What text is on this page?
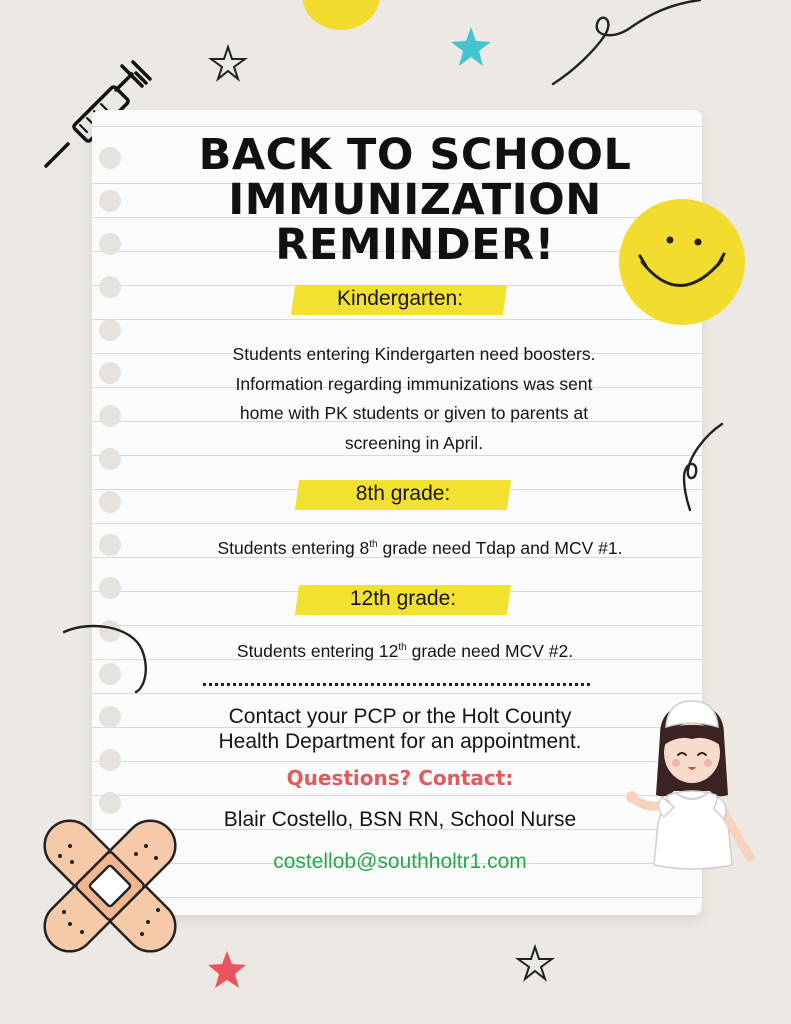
BACK TO SCHOOL
IMMUNIZATION
REMINDER!

Kindergarten:

Students entering Kindergarten need boosters.
Information regarding immunizations was sent
home with PK students or given to parents at
screening in April.

8th grade:

Students entering 8th grade need Tdap and MCV #1.

12th grade:

Students entering 12th grade need MCV #2.

Contact your PCP or the Holt County
Health Department for an appointment.

Questions? Contact:

Blair Costello, BSN RN, School Nurse

costellob@southholtr1.com
